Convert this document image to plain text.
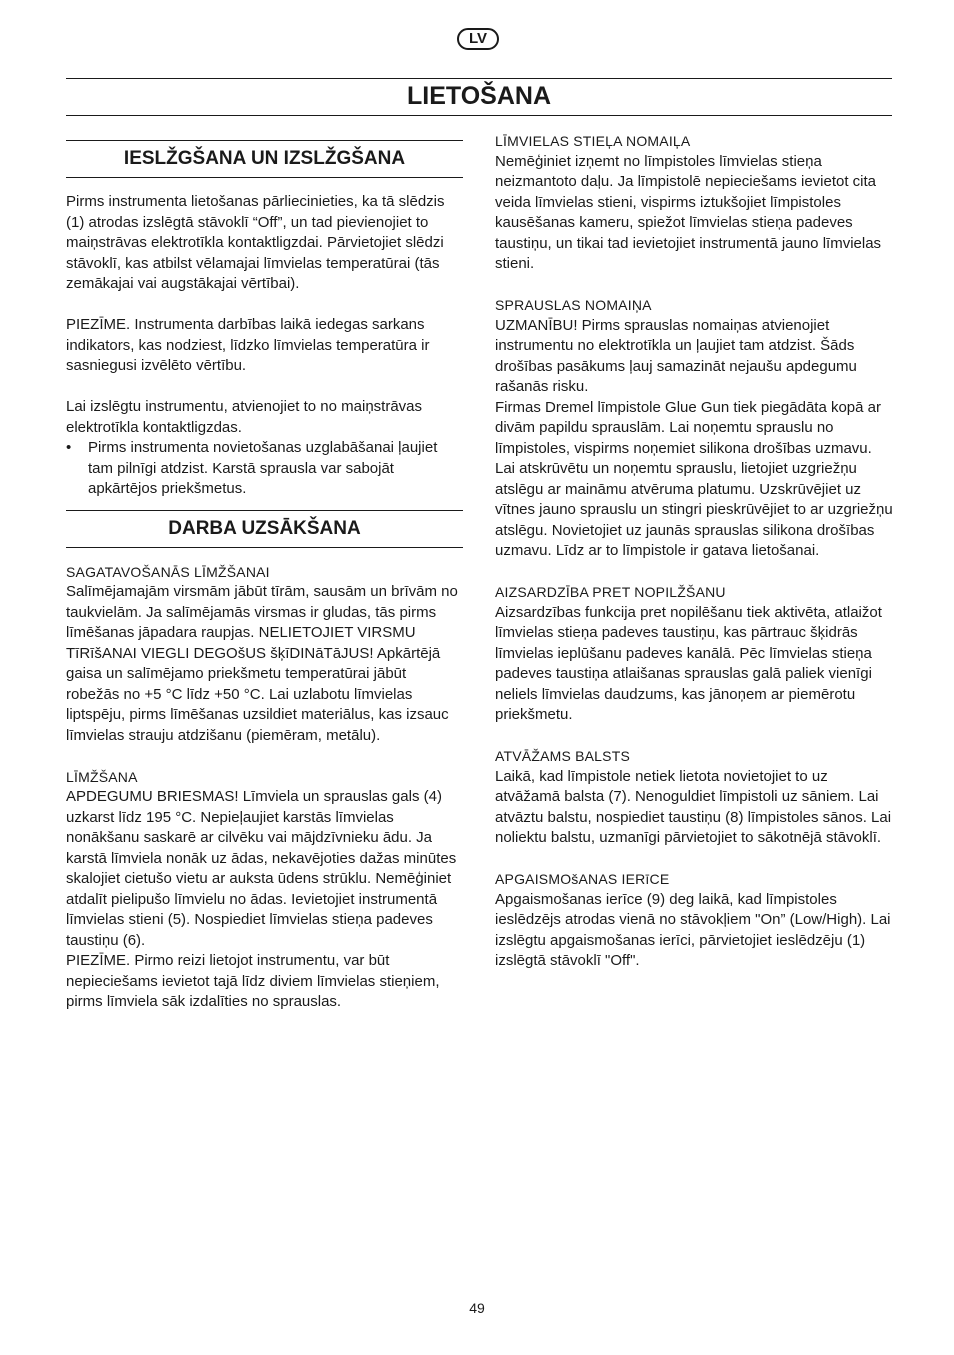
LV
LIETOŠANA
IESLŽGŠANA UN IZSLŽGŠANA

Pirms instrumenta lietošanas pārliecinieties, ka tā slēdzis (1) atrodas izslēgtā stāvoklī “Off”, un tad pievienojiet to maiņstrāvas elektrotīkla kontaktligzdai. Pārvietojiet slēdzi stāvoklī, kas atbilst vēlamajai līmvielas temperatūrai (tās zemākajai vai augstākajai vērtībai).

PIEZĪME. Instrumenta darbības laikā iedegas sarkans indikators, kas nodziest, līdzko līmvielas temperatūra ir sasniegusi izvēlēto vērtību.

Lai izslēgtu instrumentu, atvienojiet to no maiņstrāvas elektrotīkla kontaktligzdas.

• Pirms instrumenta novietošanas uzglabāšanai ļaujiet tam pilnīgi atdzist. Karstā sprausla var sabojāt apkārtējos priekšmetus.
DARBA UZSĀKŠANA

SAGATAVOŠANĀS LĪMŽŠANAI

Salīmējamajām virsmām jābūt tīrām, sausām un brīvām no taukvielām. Ja salīmējamās virsmas ir gludas, tās pirms līmēšanas jāpadara raupjas. NELIETOJIET VIRSMU TīRīšANAI VIEGLI DEGOšUS šķīDINāTāJUS! Apkārtējā gaisa un salīmējamo priekšmetu temperatūrai jābūt robežās no +5 °C līdz +50 °C. Lai uzlabotu līmvielas liptspēju, pirms līmēšanas uzsildiet materiālus, kas izsauc līmvielas strauju atdzišanu (piemēram, metālu).

LĪMŽŠANA

APDEGUMU BRIESMAS! Līmviela un sprauslas gals (4) uzkarst līdz 195 °C. Nepieļaujiet karstās līmvielas nonākšanu saskarē ar cilvēku vai mājdzīvnieku ādu. Ja karstā līmviela nonāk uz ādas, nekavējoties dažas minūtes skalojiet cietušo vietu ar auksta ūdens strūklu. Nemēģiniet atdalīt pielipušo līmvielu no ādas. Ievietojiet instrumentā līmvielas stieni (5). Nospiediet līmvielas stieņa padeves taustiņu (6).

PIEZĪME. Pirmo reizi lietojot instrumentu, var būt nepieciešams ievietot tajā līdz diviem līmvielas stieņiem, pirms līmviela sāk izdalīties no sprauslas.

LĪMVIELAS STIEĻA NOMAIĻA

Nemēģiniet izņemt no līmpistoles līmvielas stieņa neizmantoto daļu. Ja līmpistolē nepieciešams ievietot cita veida līmvielas stieni, vispirms iztukšojiet līmpistoles kausēšanas kameru, spiežot līmvielas stieņa padeves taustiņu, un tikai tad ievietojiet instrumentā jauno līmvielas stieni.

SPRAUSLAS NOMAIŅA

UZMANĪBU! Pirms sprauslas nomaiņas atvienojiet instrumentu no elektrotīkla un ļaujiet tam atdzist. Šāds drošības pasākums ļauj samazināt nejaušu apdegumu rašanās risku.

Firmas Dremel līmpistole Glue Gun tiek piegādāta kopā ar divām papildu sprauslām. Lai noņemtu sprauslu no līmpistoles, vispirms noņemiet silikona drošības uzmavu. Lai atskrūvētu un noņemtu sprauslu, lietojiet uzgriežņu atslēgu ar maināmu atvēruma platumu. Uzskrūvējiet uz vītnes jauno sprauslu un stingri pieskrūvējiet to ar uzgriežņu atslēgu. Novietojiet uz jaunās sprauslas silikona drošības uzmavu. Līdz ar to līmpistole ir gatava lietošanai.

AIZSARDZĪBA PRET NOPILŽŠANU

Aizsardzības funkcija pret nopilēšanu tiek aktivēta, atlaižot līmvielas stieņa padeves taustiņu, kas pārtrauc šķidrās līmvielas ieplūšanu padeves kanālā. Pēc līmvielas stieņa padeves taustiņa atlaišanas sprauslas galā paliek vienīgi neliels līmvielas daudzums, kas jānoņem ar piemērotu priekšmetu.

ATVĀŽAMS BALSTS

Laikā, kad līmpistole netiek lietota novietojiet to uz atvāžamā balsta (7). Nenoguldiet līmpistoli uz sāniem. Lai atvāztu balstu, nospiediet taustiņu (8) līmpistoles sānos. Lai noliektu balstu, uzmanīgi pārvietojiet to sākotnējā stāvoklī.

APGAISMOšANAS IERīCE

Apgaismošanas ierīce (9) deg laikā, kad līmpistoles ieslēdzējs atrodas vienā no stāvokļiem "On” (Low/High). Lai izslēgtu apgaismošanas ierīci, pārvietojiet ieslēdzēju (1) izslēgtā stāvoklī "Off".

49
